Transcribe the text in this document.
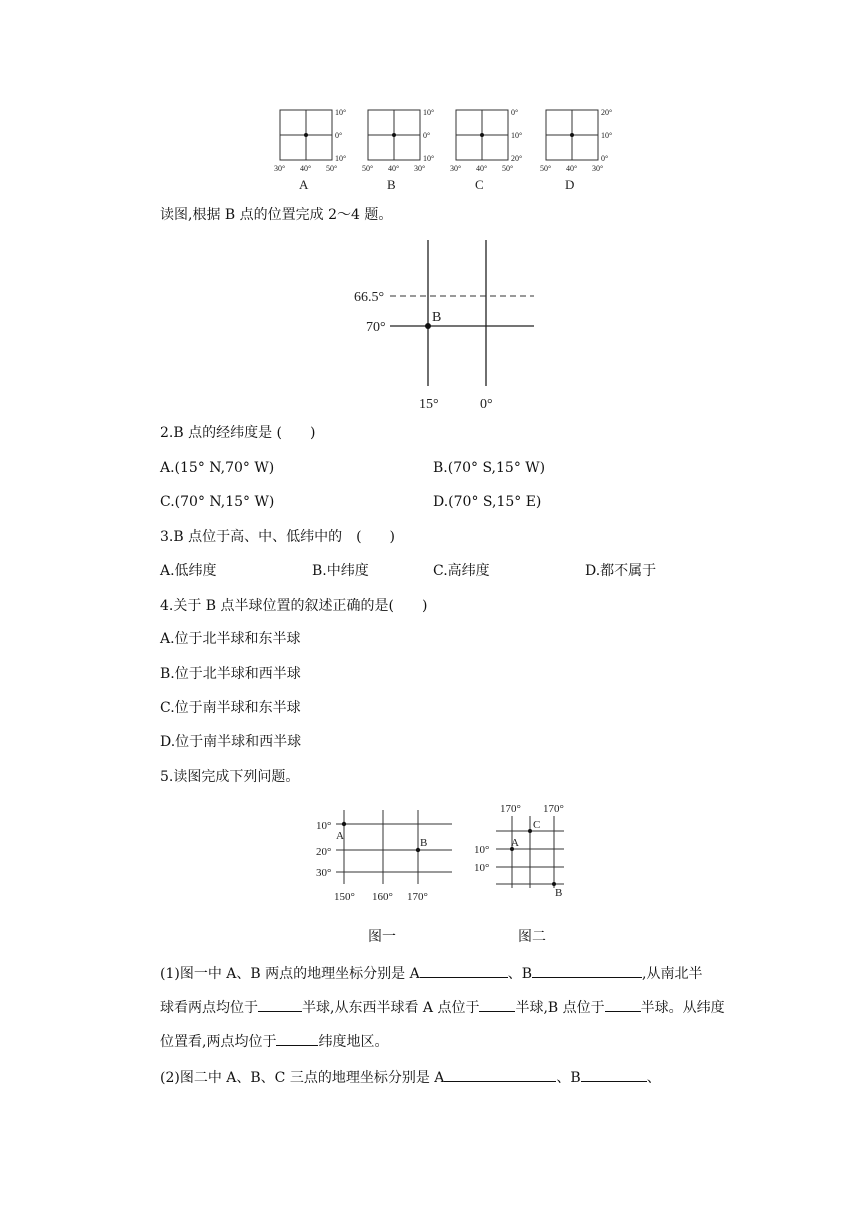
10°
0°
10°
30° 40° 50°
A
10°
0°
10°
50° 40° 30°
B
0°
10°
20°
30° 40° 50°
C
20°
10°
0°
50° 40° 30°
D
读图,根据 B 点的位置完成 2～4 题。
66.5°
70°
B
15°	0°
2.B 点的经纬度是 (　　)
A.(15° N,70° W)	B.(70° S,15° W)
C.(70° N,15° W)	D.(70° S,15° E)
3.B 点位于高、中、低纬中的　(　　)
A.低纬度	B.中纬度	C.高纬度	D.都不属于
4.关于 B 点半球位置的叙述正确的是(　　)
A.位于北半球和东半球
B.位于北半球和西半球
C.位于南半球和东半球
D.位于南半球和西半球
5.读图完成下列问题。
10°
20°
30°
A
B
150° 160° 170°
图一
170° 170°
C
A
10°
10°
B
图二
(1)图一中 A、B 两点的地理坐标分别是 A	、B	,从南北半
球看两点均位于	半球,从东西半球看 A 点位于	半球,B 点位于	半球。从纬度
位置看,两点均位于	纬度地区。
(2)图二中 A、B、C 三点的地理坐标分别是 A	、B	、
